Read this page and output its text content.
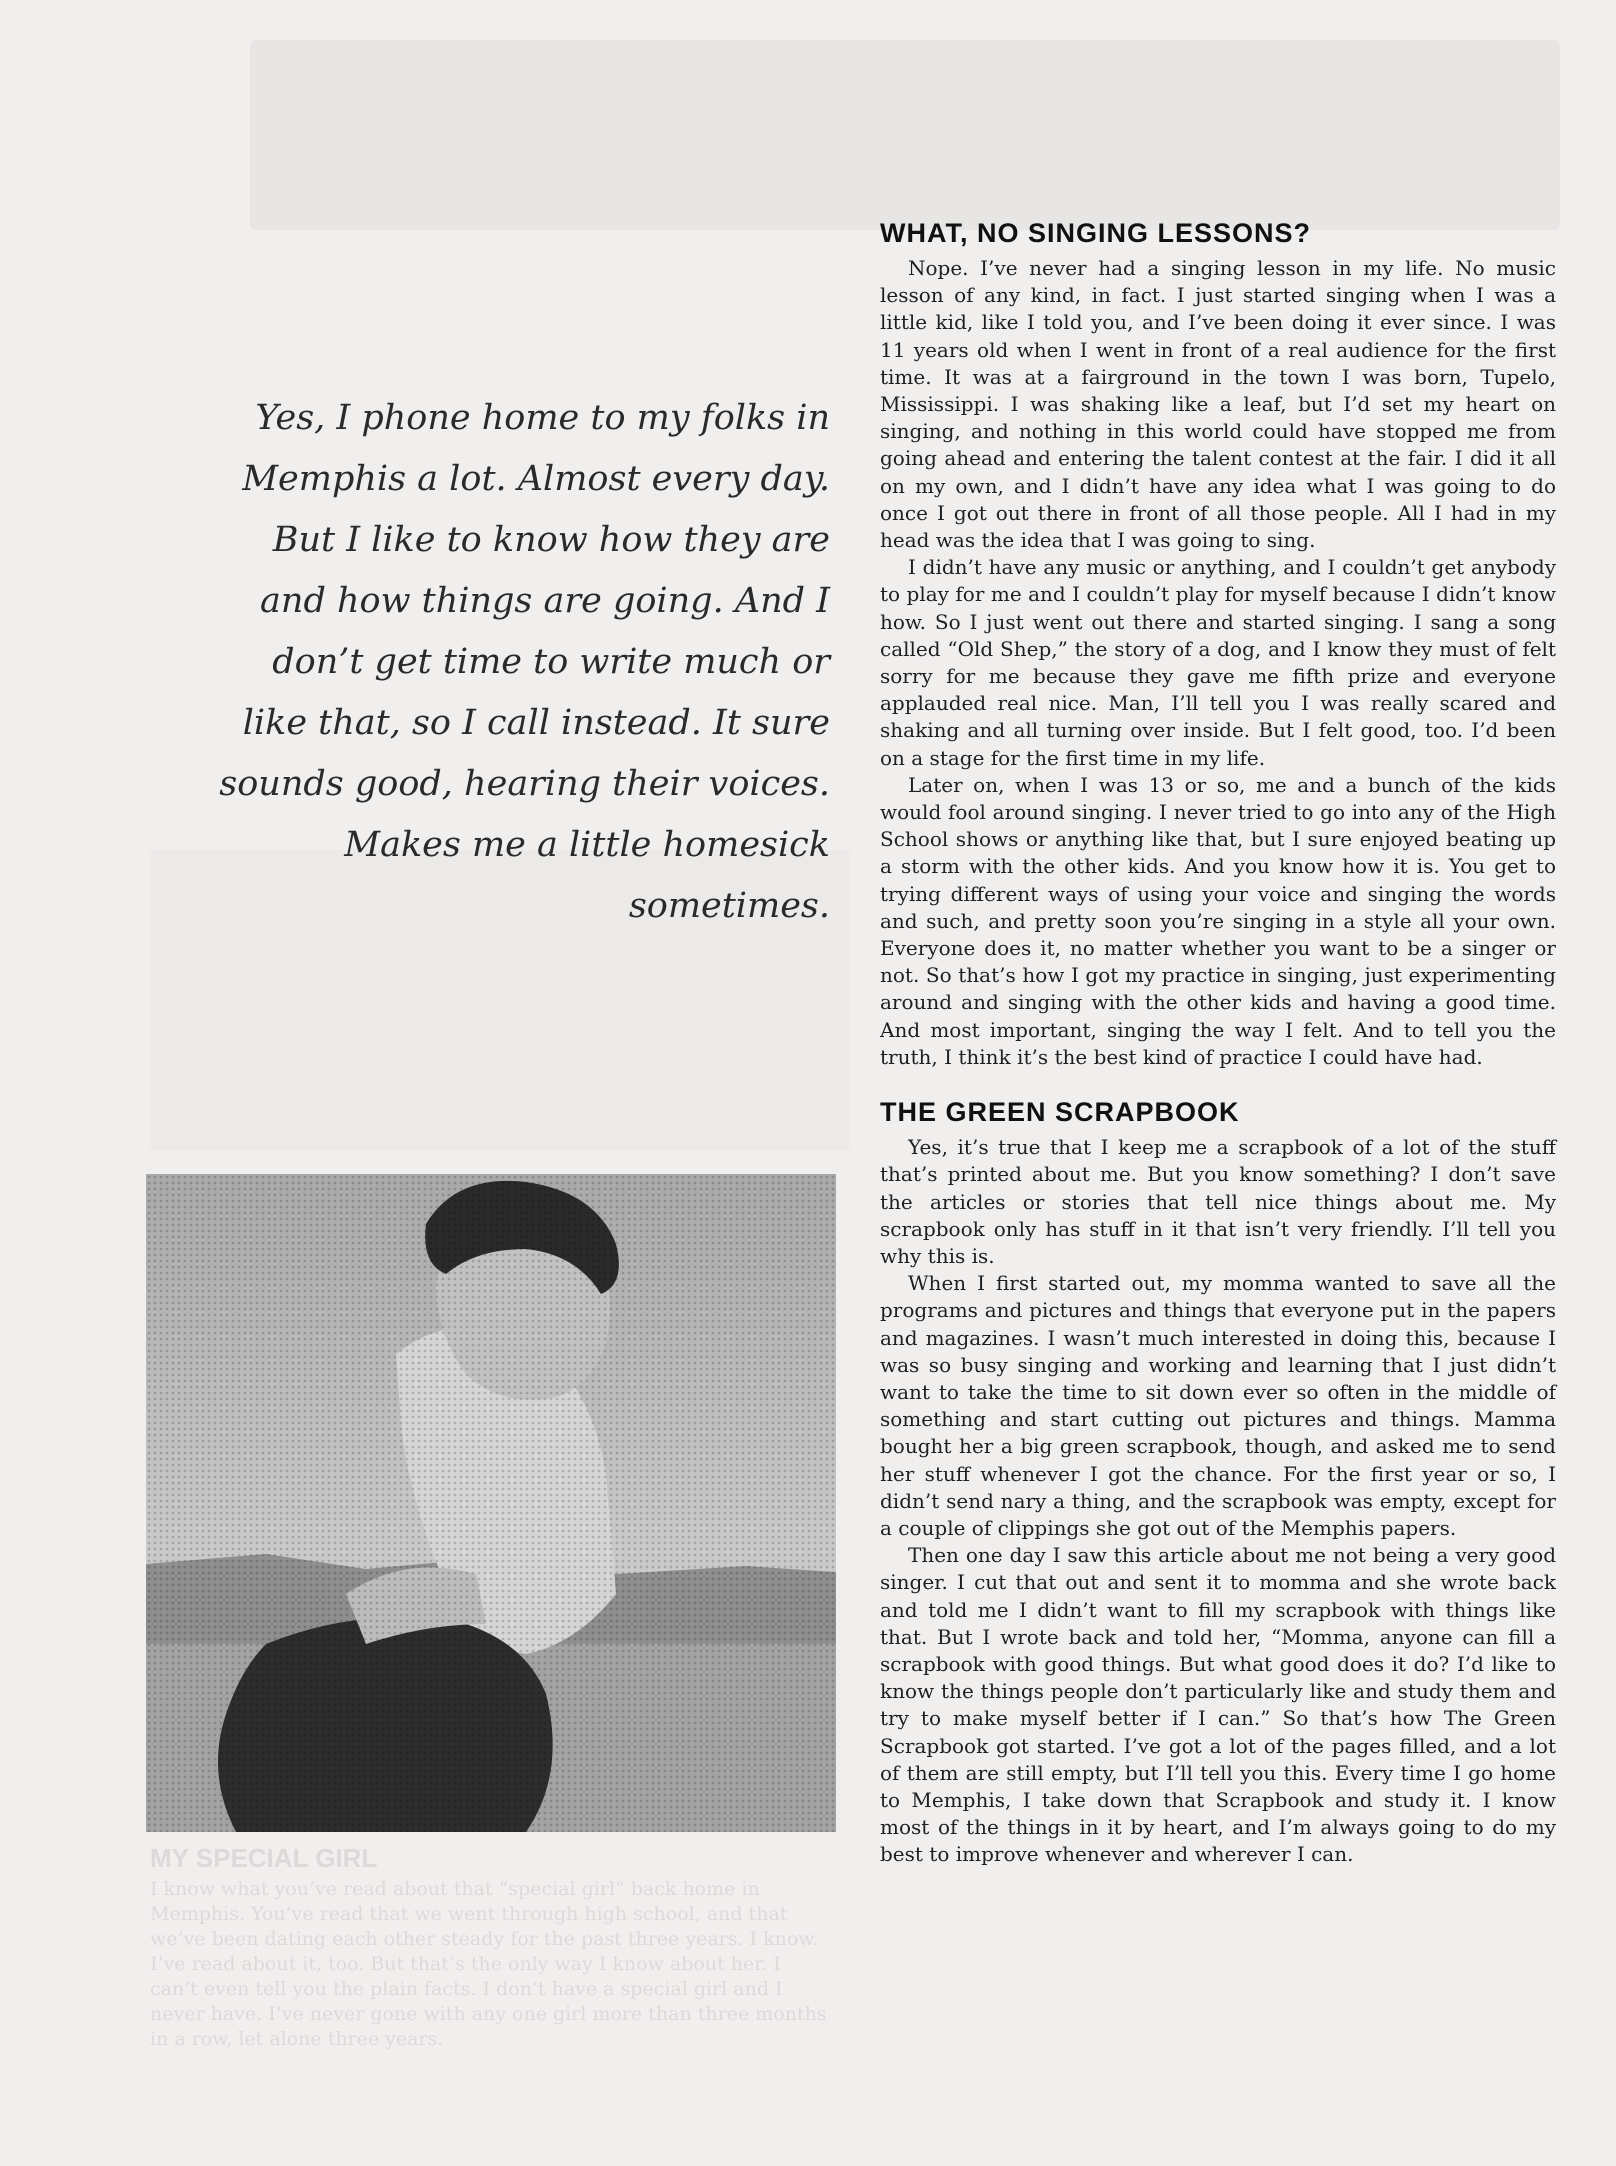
Yes, I phone home to my folks in Memphis a lot. Almost every day. But I like to know how they are and how things are going. And I don’t get time to write much or like that, so I call instead. It sure sounds good, hearing their voices. Makes me a little homesick sometimes.

MY SPECIAL GIRL

I know what you’ve read about that “special girl” back home in Memphis. You’ve read that we went through high school, and that we’ve been dating each other steady for the past three years. I know. I’ve read about it, too. But that’s the only way I know about her. I can’t even tell you the plain facts. I don’t have a special girl and I never have. I’ve never gone with any one girl more than three months in a row, let alone three years.

WHAT, NO SINGING LESSONS?

Nope. I’ve never had a singing lesson in my life. No music lesson of any kind, in fact. I just started singing when I was a little kid, like I told you, and I’ve been doing it ever since. I was 11 years old when I went in front of a real audience for the first time. It was at a fairground in the town I was born, Tupelo, Mississippi. I was shaking like a leaf, but I’d set my heart on singing, and nothing in this world could have stopped me from going ahead and entering the talent contest at the fair. I did it all on my own, and I didn’t have any idea what I was going to do once I got out there in front of all those people. All I had in my head was the idea that I was going to sing.

I didn’t have any music or anything, and I couldn’t get anybody to play for me and I couldn’t play for myself because I didn’t know how. So I just went out there and started singing. I sang a song called “Old Shep,” the story of a dog, and I know they must of felt sorry for me because they gave me fifth prize and everyone applauded real nice. Man, I’ll tell you I was really scared and shaking and all turning over inside. But I felt good, too. I’d been on a stage for the first time in my life.

Later on, when I was 13 or so, me and a bunch of the kids would fool around singing. I never tried to go into any of the High School shows or anything like that, but I sure enjoyed beating up a storm with the other kids. And you know how it is. You get to trying different ways of using your voice and singing the words and such, and pretty soon you’re singing in a style all your own. Everyone does it, no matter whether you want to be a singer or not. So that’s how I got my practice in singing, just experimenting around and singing with the other kids and having a good time. And most important, singing the way I felt. And to tell you the truth, I think it’s the best kind of practice I could have had.

THE GREEN SCRAPBOOK

Yes, it’s true that I keep me a scrapbook of a lot of the stuff that’s printed about me. But you know something? I don’t save the articles or stories that tell nice things about me. My scrapbook only has stuff in it that isn’t very friendly. I’ll tell you why this is.

When I first started out, my momma wanted to save all the programs and pictures and things that everyone put in the papers and magazines. I wasn’t much interested in doing this, because I was so busy singing and working and learning that I just didn’t want to take the time to sit down ever so often in the middle of something and start cutting out pictures and things. Mamma bought her a big green scrapbook, though, and asked me to send her stuff whenever I got the chance. For the first year or so, I didn’t send nary a thing, and the scrapbook was empty, except for a couple of clippings she got out of the Memphis papers.

Then one day I saw this article about me not being a very good singer. I cut that out and sent it to momma and she wrote back and told me I didn’t want to fill my scrapbook with things like that. But I wrote back and told her, “Momma, anyone can fill a scrapbook with good things. But what good does it do? I’d like to know the things people don’t particularly like and study them and try to make myself better if I can.” So that’s how The Green Scrapbook got started. I’ve got a lot of the pages filled, and a lot of them are still empty, but I’ll tell you this. Every time I go home to Memphis, I take down that Scrapbook and study it. I know most of the things in it by heart, and I’m always going to do my best to improve whenever and wherever I can.
